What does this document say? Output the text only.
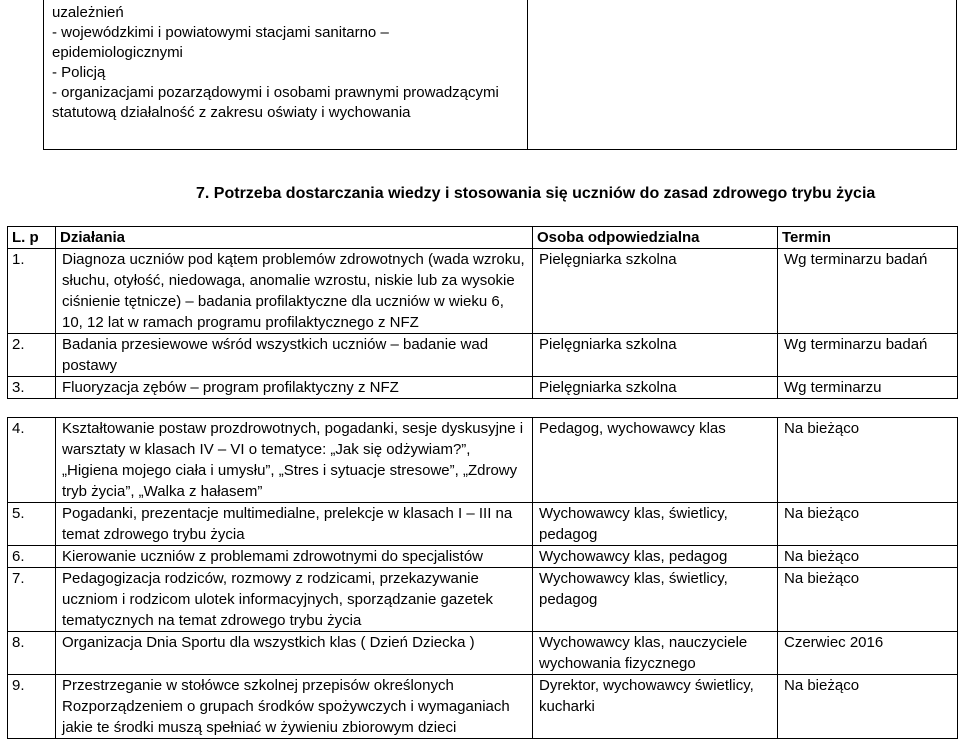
uzależnień
- wojewódzkimi i powiatowymi stacjami sanitarno –
epidemiologicznymi
- Policją
- organizacjami pozarządowymi i osobami prawnymi prowadzącymi
statutową działalność z zakresu oświaty i wychowania

7. Potrzeba dostarczania wiedzy i stosowania się uczniów do zasad zdrowego trybu życia
L. p	Działania	Osoba odpowiedzialna	Termin
1.	Diagnoza uczniów pod kątem problemów zdrowotnych (wada wzroku, słuchu, otyłość, niedowaga, anomalie wzrostu, niskie lub za wysokie ciśnienie tętnicze) – badania profilaktyczne dla uczniów w wieku 6, 10, 12 lat w ramach programu profilaktycznego z NFZ	Pielęgniarka szkolna	Wg terminarzu badań
2.	Badania przesiewowe wśród wszystkich uczniów – badanie wad postawy	Pielęgniarka szkolna	Wg terminarzu badań
3.	Fluoryzacja zębów – program profilaktyczny z NFZ	Pielęgniarka szkolna	Wg terminarzu

4.	Kształtowanie postaw prozdrowotnych, pogadanki, sesje dyskusyjne i warsztaty w klasach IV – VI o tematyce: „Jak się odżywiam?”, „Higiena mojego ciała i umysłu”, „Stres i sytuacje stresowe”, „Zdrowy tryb życia”, „Walka z hałasem”	Pedagog, wychowawcy klas	Na bieżąco
5.	Pogadanki, prezentacje multimedialne, prelekcje w klasach I – III na temat zdrowego trybu życia	Wychowawcy klas, świetlicy, pedagog	Na bieżąco
6.	Kierowanie uczniów z problemami zdrowotnymi do specjalistów	Wychowawcy klas, pedagog	Na bieżąco
7.	Pedagogizacja rodziców, rozmowy z rodzicami, przekazywanie uczniom i rodzicom ulotek informacyjnych, sporządzanie gazetek tematycznych na temat zdrowego trybu życia	Wychowawcy klas, świetlicy, pedagog	Na bieżąco
8.	Organizacja Dnia Sportu dla wszystkich klas ( Dzień Dziecka )	Wychowawcy klas, nauczyciele wychowania fizycznego	Czerwiec 2016
9.	Przestrzeganie w stołówce szkolnej przepisów określonych Rozporządzeniem o grupach środków spożywczych i wymaganiach jakie te środki muszą spełniać w żywieniu zbiorowym dzieci	Dyrektor, wychowawcy świetlicy, kucharki	Na bieżąco
